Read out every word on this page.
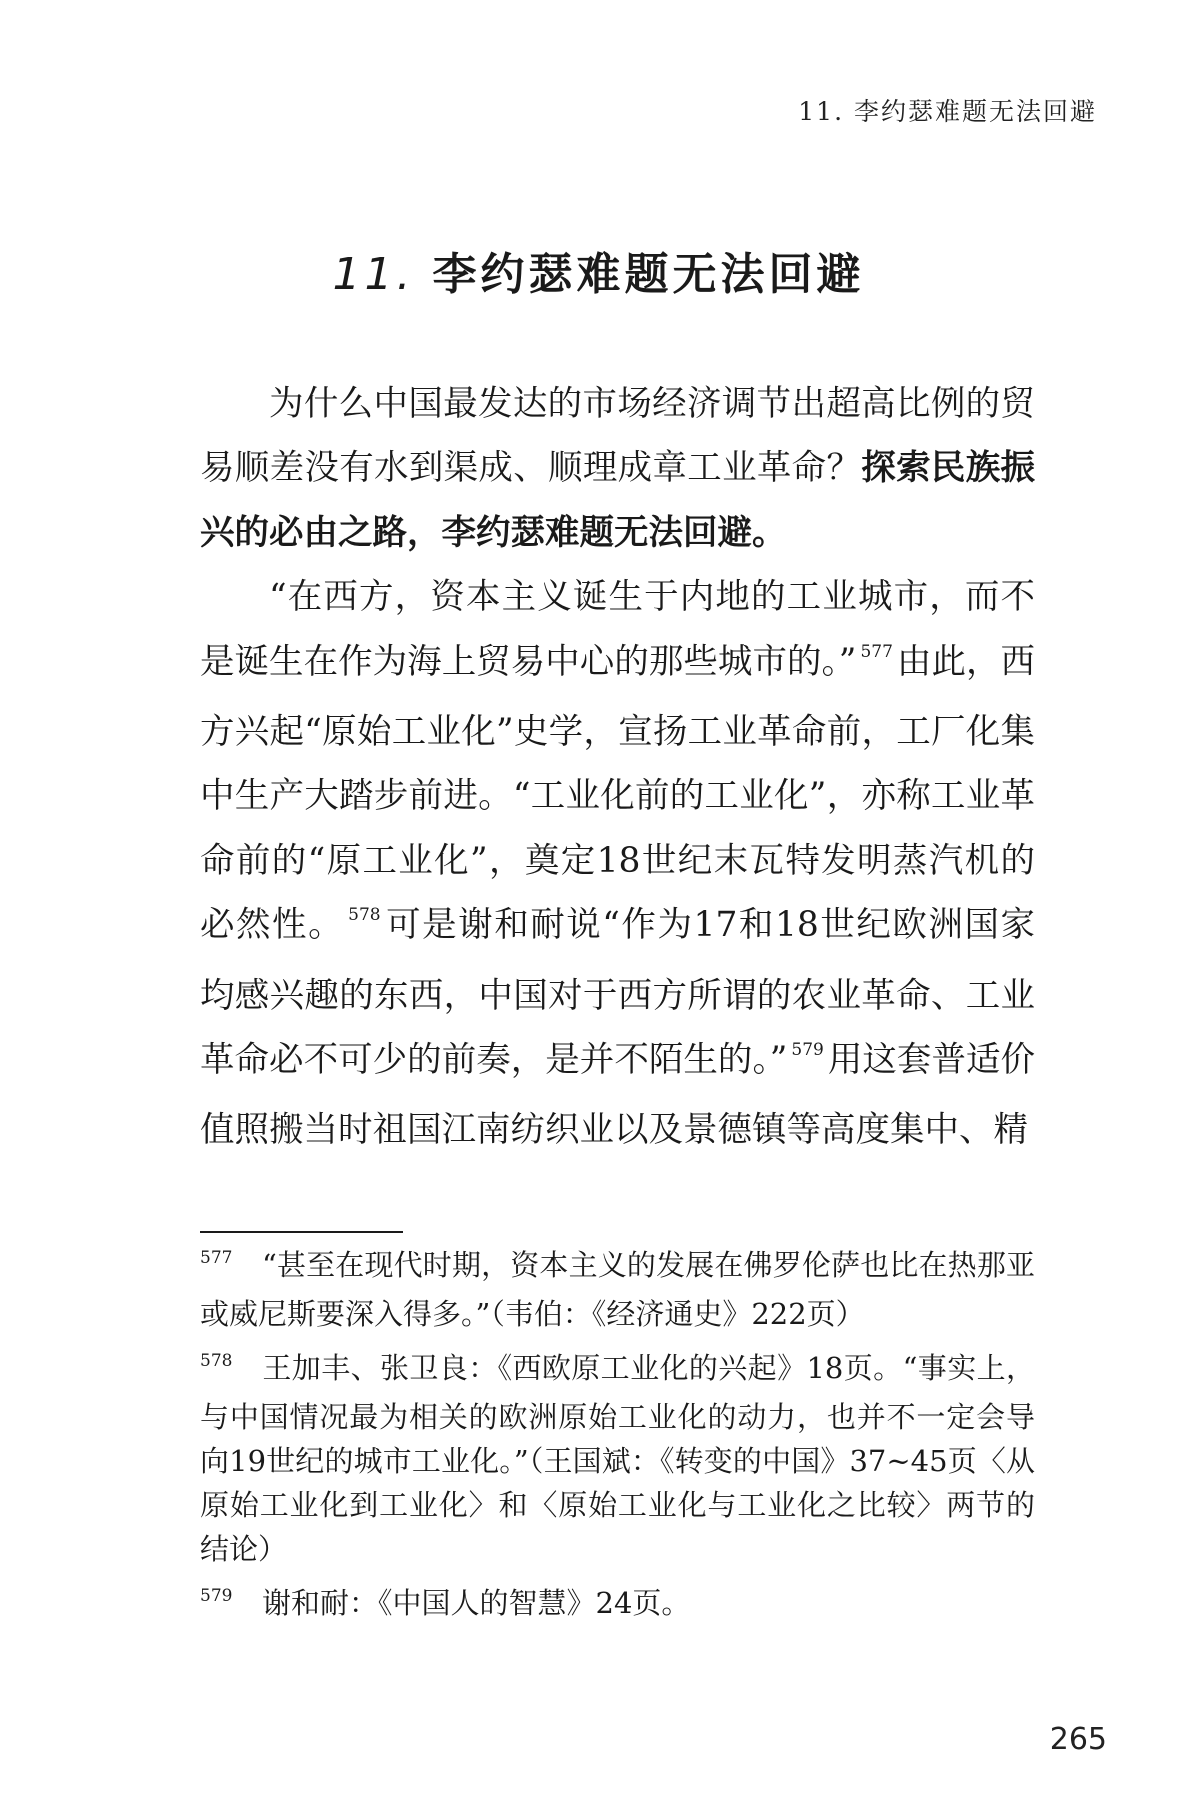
11. 李约瑟难题无法回避
11. 李约瑟难题无法回避

为什么中国最发达的市场经济调节出超高比例的贸易顺差没有水到渠成、顺理成章工业革命？探索民族振兴的必由之路，李约瑟难题无法回避。

“在西方，资本主义诞生于内地的工业城市，而不是诞生在作为海上贸易中心的那些城市的。” $^{577}$ 由此，西方兴起“原始工业化”史学，宣扬工业革命前，工厂化集中生产大踏步前进。“工业化前的工业化”，亦称工业革命前的“原工业化”，奠定18世纪末瓦特发明蒸汽机的必然性。 $^{578}$ 可是谢和耐说“作为17和18世纪欧洲国家均感兴趣的东西，中国对于西方所谓的农业革命、工业革命必不可少的前奏，是并不陌生的。” $^{579}$ 用这套普适价值照搬当时祖国江南纺织业以及景德镇等高度集中、精

577 “甚至在现代时期，资本主义的发展在佛罗伦萨也比在热那亚或威尼斯要深入得多。”（韦伯：《经济通史》222页）
578 王加丰、张卫良：《西欧原工业化的兴起》18页。“事实上，与中国情况最为相关的欧洲原始工业化的动力，也并不一定会导向19世纪的城市工业化。”（王国斌：《转变的中国》37~45页〈从原始工业化到工业化〉和〈原始工业化与工业化之比较〉两节的结论）
579 谢和耐：《中国人的智慧》24页。
265
